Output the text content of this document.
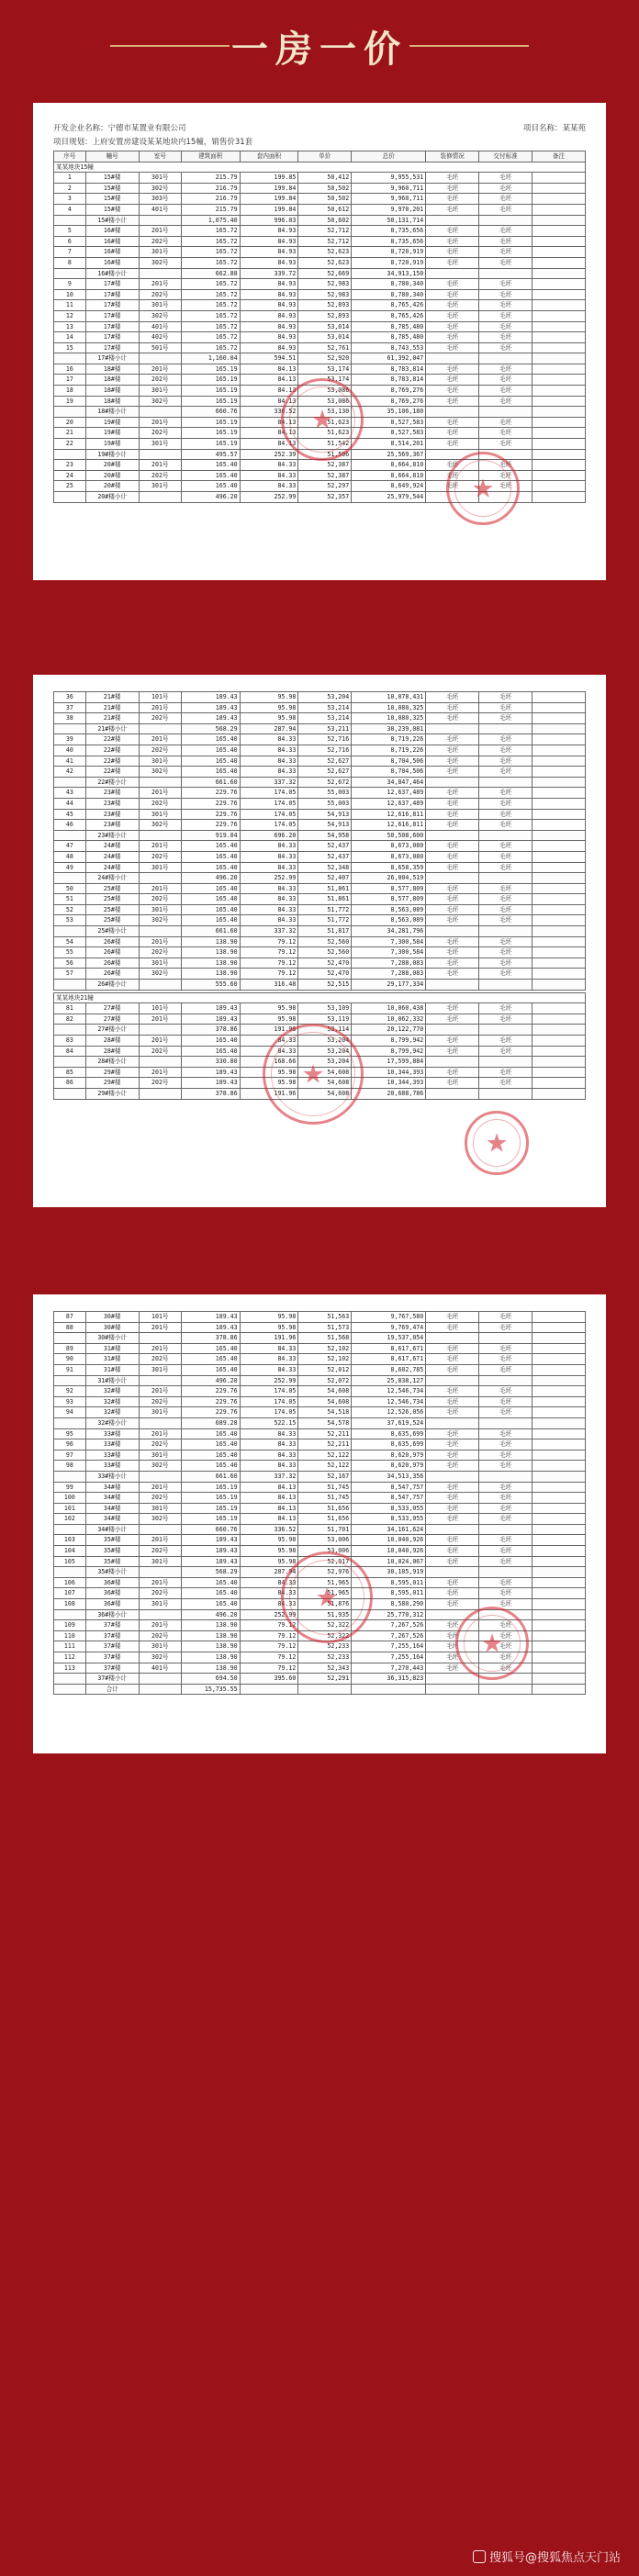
一房一价
开发企业名称：宁德市某置业有限公司	项目名称：某某苑
项目规划：上府安置房建设某某地块内15幢，销售价31套
序号	幢号	室号	建筑面积	套内面积	单价	总价	装修情况	交付标准	备注
某某地块15幢									
1	15#楼	301号	215.79	199.85	50,412	9,955,531	毛坯	毛坯	
2	15#楼	302号	216.79	199.84	50,502	9,960,711	毛坯	毛坯	
3	15#楼	303号	216.79	199.84	50,502	9,960,711	毛坯	毛坯	
4	15#楼	401号	215.79	199.84	50,612	9,970,201	毛坯	毛坯	
	15#楼小计		1,075.40	996.03	50,602	50,131,714			
5	16#楼	201号	165.72	84.93	52,712	8,735,656	毛坯	毛坯	
6	16#楼	202号	165.72	84.93	52,712	8,735,656	毛坯	毛坯	
7	16#楼	301号	165.72	84.93	52,623	8,720,919	毛坯	毛坯	
8	16#楼	302号	165.72	84.93	52,623	8,720,919	毛坯	毛坯	
	16#楼小计		662.88	339.72	52,669	34,913,150			
9	17#楼	201号	165.72	84.93	52,983	8,780,340	毛坯	毛坯	
10	17#楼	202号	165.72	84.93	52,983	8,780,340	毛坯	毛坯	
11	17#楼	301号	165.72	84.93	52,893	8,765,426	毛坯	毛坯	
12	17#楼	302号	165.72	84.93	52,893	8,765,426	毛坯	毛坯	
13	17#楼	401号	165.72	84.93	53,014	8,785,480	毛坯	毛坯	
14	17#楼	402号	165.72	84.93	53,014	8,785,480	毛坯	毛坯	
15	17#楼	501号	165.72	84.93	52,761	8,743,553	毛坯	毛坯	
	17#楼小计		1,160.04	594.51	52,920	61,392,047			
16	18#楼	201号	165.19	84.13	53,174	8,783,814	毛坯	毛坯	
17	18#楼	202号	165.19	84.13	53,174	8,783,814	毛坯	毛坯	
18	18#楼	301号	165.19	84.13	53,086	8,769,276	毛坯	毛坯	
19	18#楼	302号	165.19	84.13	53,086	8,769,276	毛坯	毛坯	
	18#楼小计		660.76	336.52	53,130	35,106,180			
20	19#楼	201号	165.19	84.13	51,623	8,527,583	毛坯	毛坯	
21	19#楼	202号	165.19	84.13	51,623	8,527,583	毛坯	毛坯	
22	19#楼	301号	165.19	84.13	51,542	8,514,201	毛坯	毛坯	
	19#楼小计		495.57	252.39	51,596	25,569,367			
23	20#楼	201号	165.40	84.33	52,387	8,664,810	毛坯	毛坯	
24	20#楼	202号	165.40	84.33	52,387	8,664,810	毛坯	毛坯	
25	20#楼	301号	165.40	84.33	52,297	8,649,924	毛坯	毛坯	
	20#楼小计		496.20	252.99	52,357	25,979,544			
★
★
36	21#楼	101号	189.43	95.98	53,204	10,078,431	毛坯	毛坯	
37	21#楼	201号	189.43	95.98	53,214	10,080,325	毛坯	毛坯	
38	21#楼	202号	189.43	95.98	53,214	10,080,325	毛坯	毛坯	
	21#楼小计		568.29	287.94	53,211	30,239,081			
39	22#楼	201号	165.40	84.33	52,716	8,719,226	毛坯	毛坯	
40	22#楼	202号	165.40	84.33	52,716	8,719,226	毛坯	毛坯	
41	22#楼	301号	165.40	84.33	52,627	8,704,506	毛坯	毛坯	
42	22#楼	302号	165.40	84.33	52,627	8,704,506	毛坯	毛坯	
	22#楼小计		661.60	337.32	52,672	34,847,464			
43	23#楼	201号	229.76	174.05	55,003	12,637,489	毛坯	毛坯	
44	23#楼	202号	229.76	174.05	55,003	12,637,489	毛坯	毛坯	
45	23#楼	301号	229.76	174.05	54,913	12,616,811	毛坯	毛坯	
46	23#楼	302号	229.76	174.05	54,913	12,616,811	毛坯	毛坯	
	23#楼小计		919.04	696.20	54,958	50,508,600			
47	24#楼	201号	165.40	84.33	52,437	8,673,080	毛坯	毛坯	
48	24#楼	202号	165.40	84.33	52,437	8,673,080	毛坯	毛坯	
49	24#楼	301号	165.40	84.33	52,348	8,658,359	毛坯	毛坯	
	24#楼小计		496.20	252.99	52,407	26,004,519			
50	25#楼	201号	165.40	84.33	51,861	8,577,809	毛坯	毛坯	
51	25#楼	202号	165.40	84.33	51,861	8,577,809	毛坯	毛坯	
52	25#楼	301号	165.40	84.33	51,772	8,563,089	毛坯	毛坯	
53	25#楼	302号	165.40	84.33	51,772	8,563,089	毛坯	毛坯	
	25#楼小计		661.60	337.32	51,817	34,281,796			
54	26#楼	201号	138.90	79.12	52,560	7,300,584	毛坯	毛坯	
55	26#楼	202号	138.90	79.12	52,560	7,300,584	毛坯	毛坯	
56	26#楼	301号	138.90	79.12	52,470	7,288,083	毛坯	毛坯	
57	26#楼	302号	138.90	79.12	52,470	7,288,083	毛坯	毛坯	
	26#楼小计		555.60	316.48	52,515	29,177,334			
某某地块21幢									
81	27#楼	101号	189.43	95.98	53,109	10,060,438	毛坯	毛坯	
82	27#楼	201号	189.43	95.98	53,119	10,062,332	毛坯	毛坯	
	27#楼小计		378.86	191.96	53,114	20,122,770			
83	28#楼	201号	165.40	84.33	53,204	8,799,942	毛坯	毛坯	
84	28#楼	202号	165.40	84.33	53,204	8,799,942	毛坯	毛坯	
	28#楼小计		330.80	168.66	53,204	17,599,884			
85	29#楼	201号	189.43	95.98	54,608	10,344,393	毛坯	毛坯	
86	29#楼	202号	189.43	95.98	54,608	10,344,393	毛坯	毛坯	
	29#楼小计		378.86	191.96	54,608	20,688,786			
★
★
87	30#楼	101号	189.43	95.98	51,563	9,767,580	毛坯	毛坯	
88	30#楼	201号	189.43	95.98	51,573	9,769,474	毛坯	毛坯	
	30#楼小计		378.86	191.96	51,568	19,537,054			
89	31#楼	201号	165.40	84.33	52,102	8,617,671	毛坯	毛坯	
90	31#楼	202号	165.40	84.33	52,102	8,617,671	毛坯	毛坯	
91	31#楼	301号	165.40	84.33	52,012	8,602,785	毛坯	毛坯	
	31#楼小计		496.20	252.99	52,072	25,838,127			
92	32#楼	201号	229.76	174.05	54,608	12,546,734	毛坯	毛坯	
93	32#楼	202号	229.76	174.05	54,608	12,546,734	毛坯	毛坯	
94	32#楼	301号	229.76	174.05	54,518	12,526,056	毛坯	毛坯	
	32#楼小计		689.28	522.15	54,578	37,619,524			
95	33#楼	201号	165.40	84.33	52,211	8,635,699	毛坯	毛坯	
96	33#楼	202号	165.40	84.33	52,211	8,635,699	毛坯	毛坯	
97	33#楼	301号	165.40	84.33	52,122	8,620,979	毛坯	毛坯	
98	33#楼	302号	165.40	84.33	52,122	8,620,979	毛坯	毛坯	
	33#楼小计		661.60	337.32	52,167	34,513,356			
99	34#楼	201号	165.19	84.13	51,745	8,547,757	毛坯	毛坯	
100	34#楼	202号	165.19	84.13	51,745	8,547,757	毛坯	毛坯	
101	34#楼	301号	165.19	84.13	51,656	8,533,055	毛坯	毛坯	
102	34#楼	302号	165.19	84.13	51,656	8,533,055	毛坯	毛坯	
	34#楼小计		660.76	336.52	51,701	34,161,624			
103	35#楼	201号	189.43	95.98	53,006	10,040,926	毛坯	毛坯	
104	35#楼	202号	189.43	95.98	53,006	10,040,926	毛坯	毛坯	
105	35#楼	301号	189.43	95.98	52,917	10,024,067	毛坯	毛坯	
	35#楼小计		568.29	287.94	52,976	30,105,919			
106	36#楼	201号	165.40	84.33	51,965	8,595,011	毛坯	毛坯	
107	36#楼	202号	165.40	84.33	51,965	8,595,011	毛坯	毛坯	
108	36#楼	301号	165.40	84.33	51,876	8,580,290	毛坯	毛坯	
	36#楼小计		496.20	252.99	51,935	25,770,312			
109	37#楼	201号	138.90	79.12	52,322	7,267,526	毛坯	毛坯	
110	37#楼	202号	138.90	79.12	52,322	7,267,526	毛坯	毛坯	
111	37#楼	301号	138.90	79.12	52,233	7,255,164	毛坯	毛坯	
112	37#楼	302号	138.90	79.12	52,233	7,255,164	毛坯	毛坯	
113	37#楼	401号	138.90	79.12	52,343	7,270,443	毛坯	毛坯	
	37#楼小计		694.50	395.60	52,291	36,315,823			
	合计		15,735.55						
★
★
搜狐号@搜狐焦点天门站
